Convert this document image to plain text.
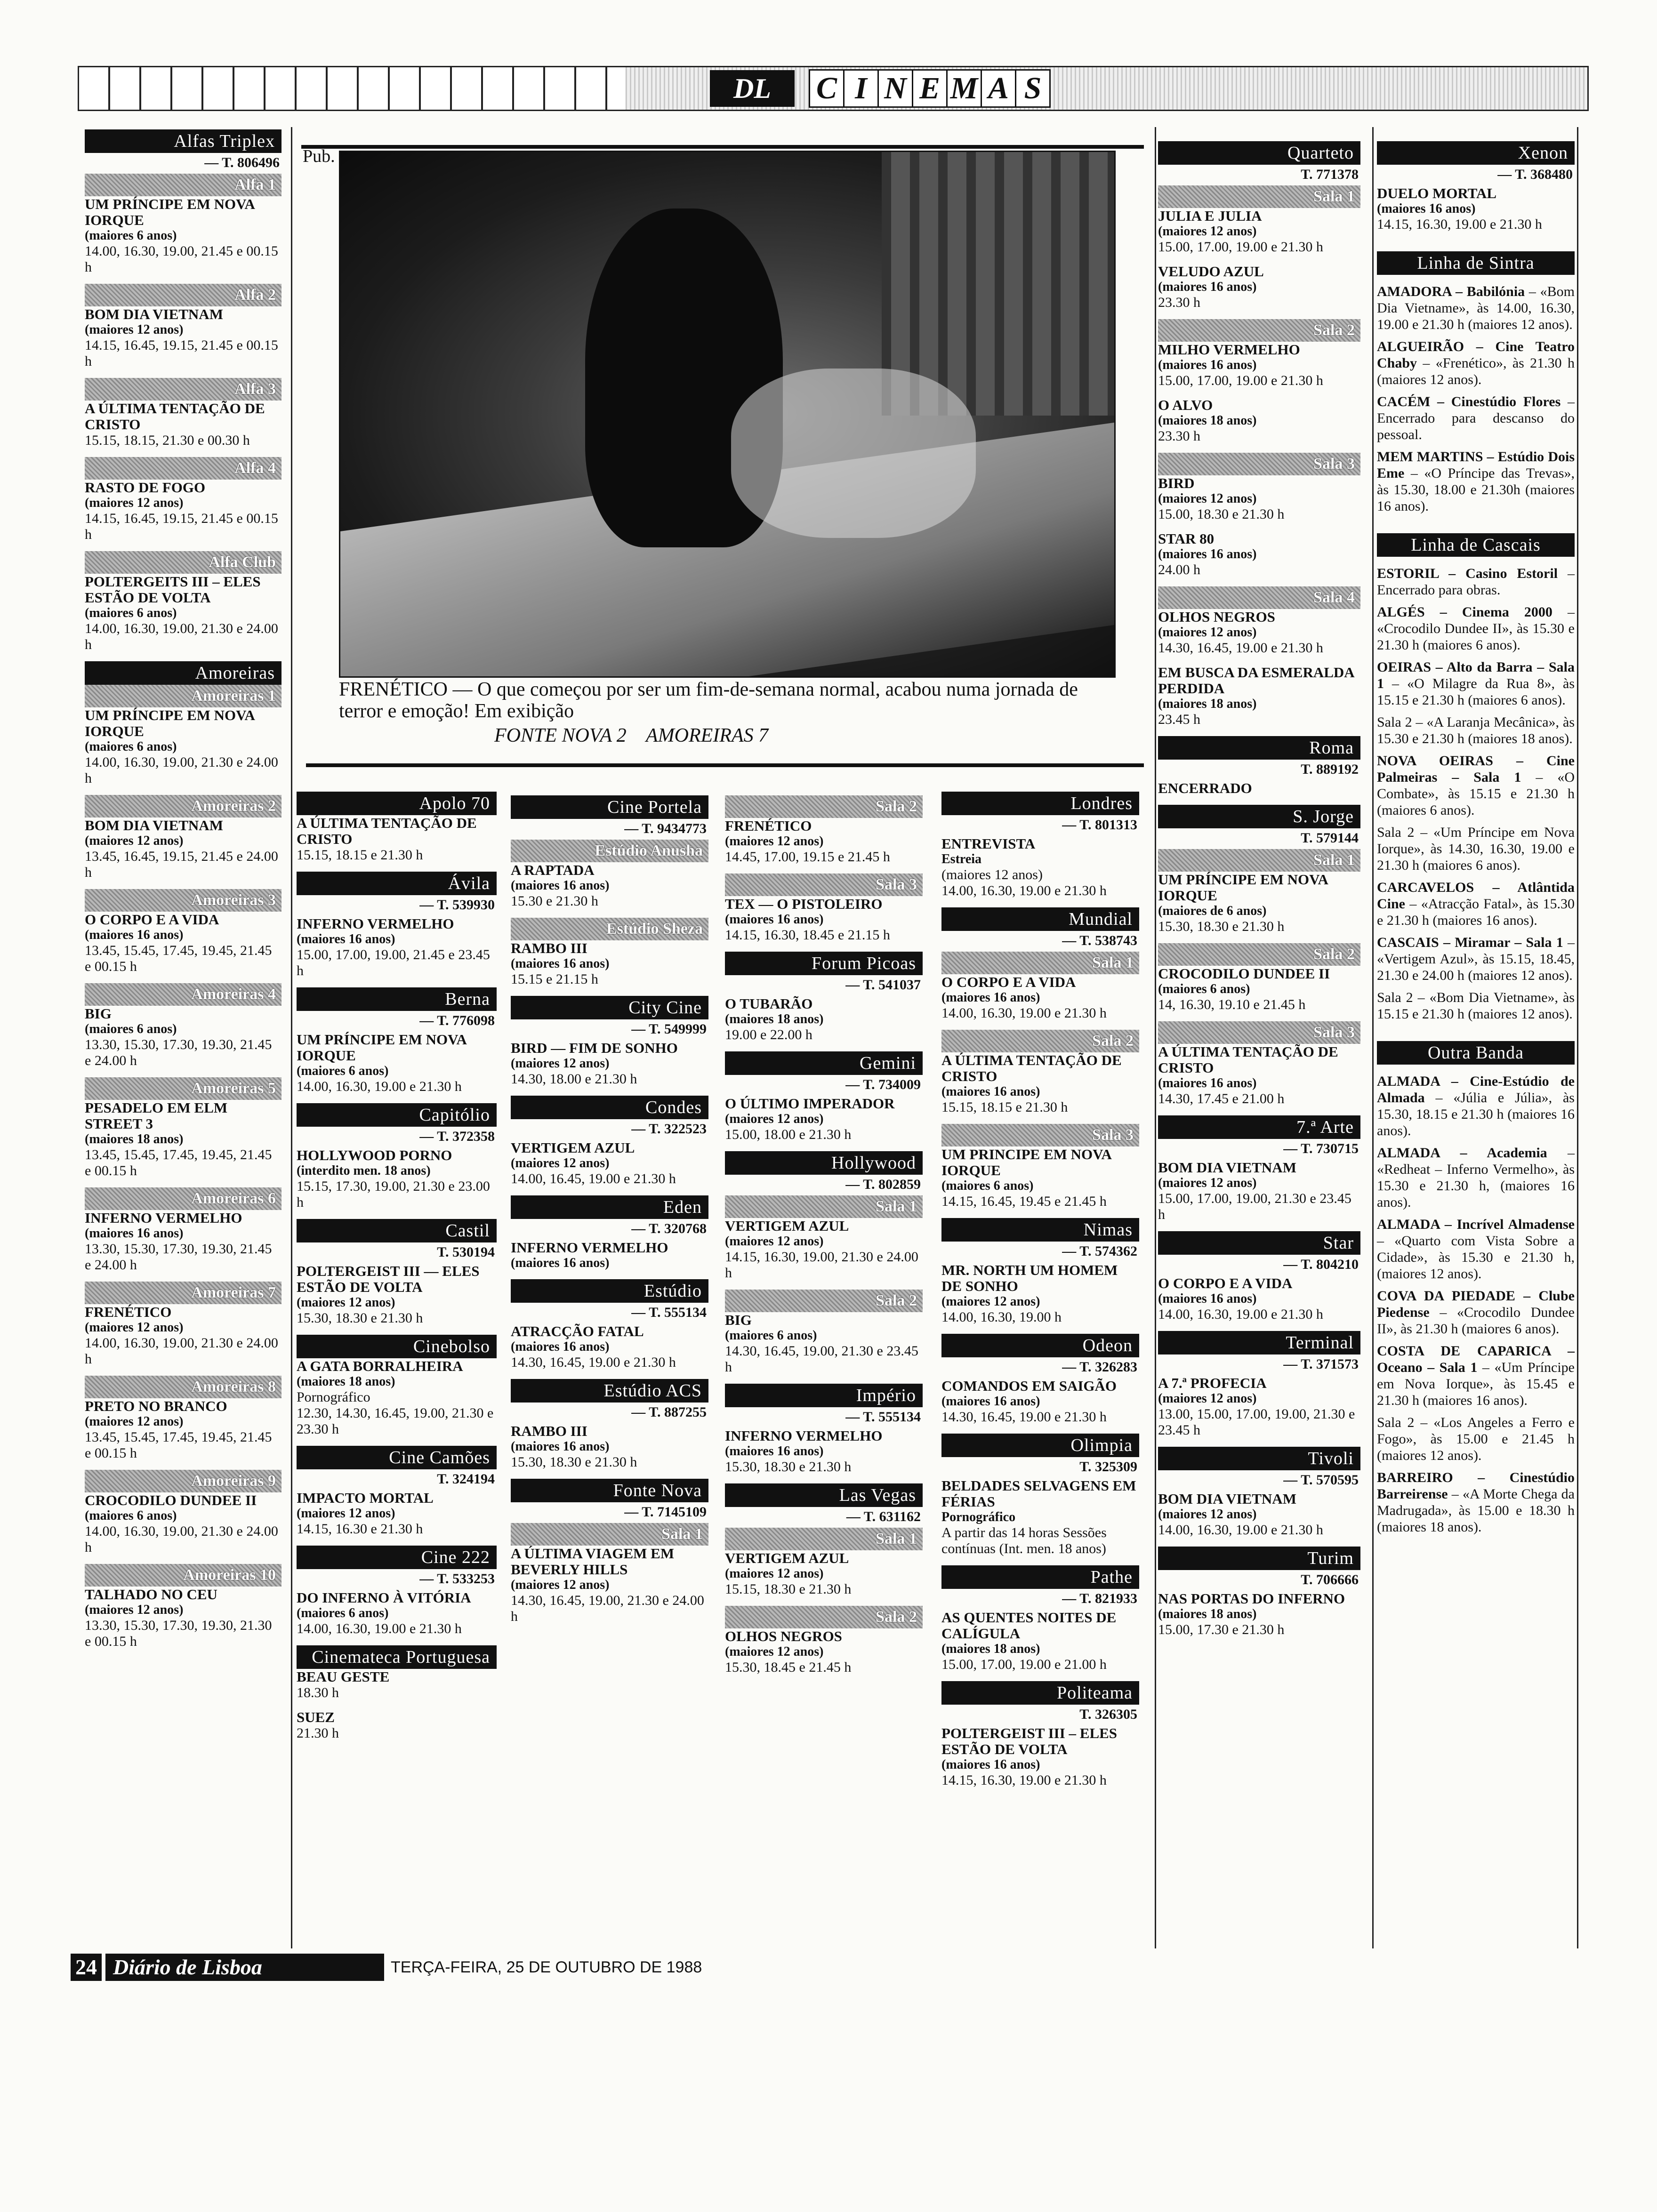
DL	C I N E M A S
Pub.
FRENÉTICO — O que começou por ser um fim-de-semana normal, acabou numa jornada de terror e emoção! Em exibição
FONTE NOVA 2    AMOREIRAS 7
Alfas Triplex
— T. 806496
Alfa 1
UM PRÍNCIPE EM NOVA IORQUE
(maiores 6 anos)
14.00, 16.30, 19.00, 21.45 e 00.15 h
Alfa 2
BOM DIA VIETNAM
(maiores 12 anos)
14.15, 16.45, 19.15, 21.45 e 00.15 h
Alfa 3
A ÚLTIMA TENTAÇÃO DE CRISTO
15.15, 18.15, 21.30 e 00.30 h
Alfa 4
RASTO DE FOGO
(maiores 12 anos)
14.15, 16.45, 19.15, 21.45 e 00.15 h
Alfa Club
POLTERGEITS III – ELES ESTÃO DE VOLTA
(maiores 6 anos)
14.00, 16.30, 19.00, 21.30 e 24.00 h
Amoreiras
Amoreiras 1
UM PRÍNCIPE EM NOVA IORQUE
(maiores 6 anos)
14.00, 16.30, 19.00, 21.30 e 24.00 h
Amoreiras 2
BOM DIA VIETNAM
(maiores 12 anos)
13.45, 16.45, 19.15, 21.45 e 24.00 h
Amoreiras 3
O CORPO E A VIDA
(maiores 16 anos)
13.45, 15.45, 17.45, 19.45, 21.45 e 00.15 h
Amoreiras 4
BIG
(maiores 6 anos)
13.30, 15.30, 17.30, 19.30, 21.45 e 24.00 h
Amoreiras 5
PESADELO EM ELM STREET 3
(maiores 18 anos)
13.45, 15.45, 17.45, 19.45, 21.45 e 00.15 h
Amoreiras 6
INFERNO VERMELHO
(maiores 16 anos)
13.30, 15.30, 17.30, 19.30, 21.45 e 24.00 h
Amoreiras 7
FRENÉTICO
(maiores 12 anos)
14.00, 16.30, 19.00, 21.30 e 24.00 h
Amoreiras 8
PRETO NO BRANCO
(maiores 12 anos)
13.45, 15.45, 17.45, 19.45, 21.45 e 00.15 h
Amoreiras 9
CROCODILO DUNDEE II
(maiores 6 anos)
14.00, 16.30, 19.00, 21.30 e 24.00 h
Amoreiras 10
TALHADO NO CEU
(maiores 12 anos)
13.30, 15.30, 17.30, 19.30, 21.30 e 00.15 h
Apolo 70
A ÚLTIMA TENTAÇÃO DE CRISTO
15.15, 18.15 e 21.30 h
Ávila
— T. 539930
INFERNO VERMELHO
(maiores 16 anos)
15.00, 17.00, 19.00, 21.45 e 23.45 h
Berna
— T. 776098
UM PRÍNCIPE EM NOVA IORQUE
(maiores 6 anos)
14.00, 16.30, 19.00 e 21.30 h
Capitólio
— T. 372358
HOLLYWOOD PORNO
(interdito men. 18 anos)
15.15, 17.30, 19.00, 21.30 e 23.00 h
Castil
T. 530194
POLTERGEIST III — ELES ESTÃO DE VOLTA
(maiores 12 anos)
15.30, 18.30 e 21.30 h
Cinebolso
A GATA BORRALHEIRA
(maiores 18 anos)
Pornográfico
12.30, 14.30, 16.45, 19.00, 21.30 e 23.30 h
Cine Camões
T. 324194
IMPACTO MORTAL
(maiores 12 anos)
14.15, 16.30 e 21.30 h
Cine 222
— T. 533253
DO INFERNO À VITÓRIA
(maiores 6 anos)
14.00, 16.30, 19.00 e 21.30 h
Cinemateca Portuguesa
BEAU GESTE
18.30 h
SUEZ
21.30 h
Cine Portela
— T. 9434773
Estúdio Anusha
A RAPTADA
(maiores 16 anos)
15.30 e 21.30 h
Estúdio Sheza
RAMBO III
(maiores 16 anos)
15.15 e 21.15 h
City Cine
— T. 549999
BIRD — FIM DE SONHO
(maiores 12 anos)
14.30, 18.00 e 21.30 h
Condes
— T. 322523
VERTIGEM AZUL
(maiores 12 anos)
14.00, 16.45, 19.00 e 21.30 h
Eden
— T. 320768
INFERNO VERMELHO
(maiores 16 anos)
Estúdio
— T. 555134
ATRACÇÃO FATAL
(maiores 16 anos)
14.30, 16.45, 19.00 e 21.30 h
Estúdio ACS
— T. 887255
RAMBO III
(maiores 16 anos)
15.30, 18.30 e 21.30 h
Fonte Nova
— T. 7145109
Sala 1
A ÚLTIMA VIAGEM EM BEVERLY HILLS
(maiores 12 anos)
14.30, 16.45, 19.00, 21.30 e 24.00 h
Sala 2
FRENÉTICO
(maiores 12 anos)
14.45, 17.00, 19.15 e 21.45 h
Sala 3
TEX — O PISTOLEIRO
(maiores 16 anos)
14.15, 16.30, 18.45 e 21.15 h
Forum Picoas
— T. 541037
O TUBARÃO
(maiores 18 anos)
19.00 e 22.00 h
Gemini
— T. 734009
O ÚLTIMO IMPERADOR
(maiores 12 anos)
15.00, 18.00 e 21.30 h
Hollywood
— T. 802859
Sala 1
VERTIGEM AZUL
(maiores 12 anos)
14.15, 16.30, 19.00, 21.30 e 24.00 h
Sala 2
BIG
(maiores 6 anos)
14.30, 16.45, 19.00, 21.30 e 23.45 h
Império
— T. 555134
INFERNO VERMELHO
(maiores 16 anos)
15.30, 18.30 e 21.30 h
Las Vegas
— T. 631162
Sala 1
VERTIGEM AZUL
(maiores 12 anos)
15.15, 18.30 e 21.30 h
Sala 2
OLHOS NEGROS
(maiores 12 anos)
15.30, 18.45 e 21.45 h
Londres
— T. 801313
ENTREVISTA
Estreia
(maiores 12 anos)
14.00, 16.30, 19.00 e 21.30 h
Mundial
— T. 538743
Sala 1
O CORPO E A VIDA
(maiores 16 anos)
14.00, 16.30, 19.00 e 21.30 h
Sala 2
A ÚLTIMA TENTAÇÃO DE CRISTO
(maiores 16 anos)
15.15, 18.15 e 21.30 h
Sala 3
UM PRINCIPE EM NOVA IORQUE
(maiores 6 anos)
14.15, 16.45, 19.45 e 21.45 h
Nimas
— T. 574362
MR. NORTH UM HOMEM DE SONHO
(maiores 12 anos)
14.00, 16.30, 19.00 h
Odeon
— T. 326283
COMANDOS EM SAIGÃO
(maiores 16 anos)
14.30, 16.45, 19.00 e 21.30 h
Olimpia
T. 325309
BELDADES SELVAGENS EM FÉRIAS
Pornográfico
A partir das 14 horas Sessões contínuas (Int. men. 18 anos)
Pathe
— T. 821933
AS QUENTES NOITES DE CALÍGULA
(maiores 18 anos)
15.00, 17.00, 19.00 e 21.00 h
Politeama
T. 326305
POLTERGEIST III – ELES ESTÃO DE VOLTA
(maiores 16 anos)
14.15, 16.30, 19.00 e 21.30 h
Quarteto
T. 771378
Sala 1
JULIA E JULIA
(maiores 12 anos)
15.00, 17.00, 19.00 e 21.30 h
VELUDO AZUL
(maiores 16 anos)
23.30 h
Sala 2
MILHO VERMELHO
(maiores 16 anos)
15.00, 17.00, 19.00 e 21.30 h
O ALVO
(maiores 18 anos)
23.30 h
Sala 3
BIRD
(maiores 12 anos)
15.00, 18.30 e 21.30 h
STAR 80
(maiores 16 anos)
24.00 h
Sala 4
OLHOS NEGROS
(maiores 12 anos)
14.30, 16.45, 19.00 e 21.30 h
EM BUSCA DA ESMERALDA PERDIDA
(maiores 18 anos)
23.45 h
Roma
T. 889192
ENCERRADO
S. Jorge
T. 579144
Sala 1
UM PRÍNCIPE EM NOVA IORQUE
(maiores de 6 anos)
15.30, 18.30 e 21.30 h
Sala 2
CROCODILO DUNDEE II
(maiores 6 anos)
14, 16.30, 19.10 e 21.45 h
Sala 3
A ÚLTIMA TENTAÇÃO DE CRISTO
(maiores 16 anos)
14.30, 17.45 e 21.00 h
7.ª Arte
— T. 730715
BOM DIA VIETNAM
(maiores 12 anos)
15.00, 17.00, 19.00, 21.30 e 23.45 h
Star
— T. 804210
O CORPO E A VIDA
(maiores 16 anos)
14.00, 16.30, 19.00 e 21.30 h
Terminal
— T. 371573
A 7.ª PROFECIA
(maiores 12 anos)
13.00, 15.00, 17.00, 19.00, 21.30 e 23.45 h
Tivoli
— T. 570595
BOM DIA VIETNAM
(maiores 12 anos)
14.00, 16.30, 19.00 e 21.30 h
Turim
T. 706666
NAS PORTAS DO INFERNO
(maiores 18 anos)
15.00, 17.30 e 21.30 h
Xenon
— T. 368480
DUELO MORTAL
(maiores 16 anos)
14.15, 16.30, 19.00 e 21.30 h
Linha de Sintra
AMADORA – Babilónia – «Bom Dia Vietname», às 14.00, 16.30, 19.00 e 21.30 h (maiores 12 anos).
ALGUEIRÃO – Cine Teatro Chaby – «Frenético», às 21.30 h (maiores 12 anos).
CACÉM – Cinestúdio Flores – Encerrado para descanso do pessoal.
MEM MARTINS – Estúdio Dois Eme – «O Príncipe das Trevas», às 15.30, 18.00 e 21.30h (maiores 16 anos).
Linha de Cascais
ESTORIL – Casino Estoril – Encerrado para obras.
ALGÉS – Cinema 2000 – «Crocodilo Dundee II», às 15.30 e 21.30 h (maiores 6 anos).
OEIRAS – Alto da Barra – Sala 1 – «O Milagre da Rua 8», às 15.15 e 21.30 h (maiores 6 anos).
Sala 2 – «A Laranja Mecânica», às 15.30 e 21.30 h (maiores 18 anos).
NOVA OEIRAS – Cine Palmeiras – Sala 1 – «O Combate», às 15.15 e 21.30 h (maiores 6 anos).
Sala 2 – «Um Príncipe em Nova Iorque», às 14.30, 16.30, 19.00 e 21.30 h (maiores 6 anos).
CARCAVELOS – Atlântida Cine – «Atracção Fatal», às 15.30 e 21.30 h (maiores 16 anos).
CASCAIS – Miramar – Sala 1 – «Vertigem Azul», às 15.15, 18.45, 21.30 e 24.00 h (maiores 12 anos).
Sala 2 – «Bom Dia Vietname», às 15.15 e 21.30 h (maiores 12 anos).
Outra Banda
ALMADA – Cine-Estúdio de Almada – «Júlia e Júlia», às 15.30, 18.15 e 21.30 h (maiores 16 anos).
ALMADA – Academia – «Redheat – Inferno Vermelho», às 15.30 e 21.30 h, (maiores 16 anos).
ALMADA – Incrível Almadense – «Quarto com Vista Sobre a Cidade», às 15.30 e 21.30 h, (maiores 12 anos).
COVA DA PIEDADE – Clube Piedense – «Crocodilo Dundee II», às 21.30 h (maiores 6 anos).
COSTA DE CAPARICA – Oceano – Sala 1 – «Um Príncipe em Nova Iorque», às 15.45 e 21.30 h (maiores 16 anos).
Sala 2 – «Los Angeles a Ferro e Fogo», às 15.00 e 21.45 h (maiores 12 anos).
BARREIRO – Cinestúdio Barreirense – «A Morte Chega da Madrugada», às 15.00 e 18.30 h (maiores 18 anos).
24 Diário de Lisboa	TERÇA-FEIRA, 25 DE OUTUBRO DE 1988
